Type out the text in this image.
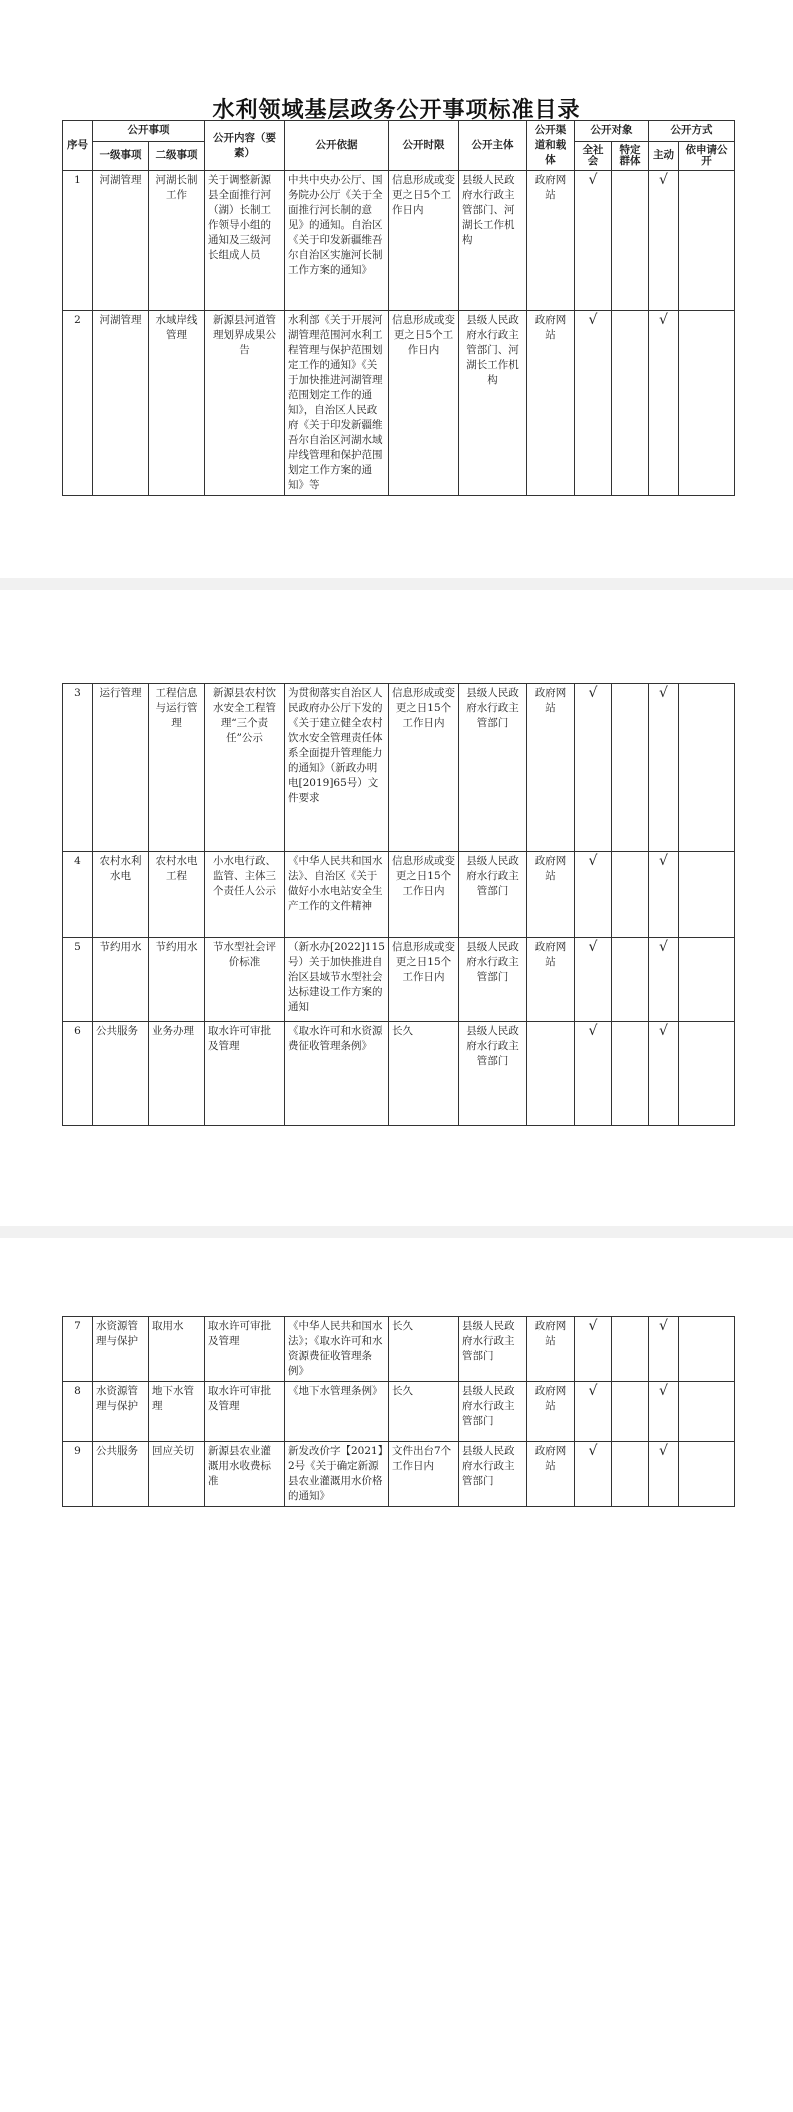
水利领域基层政务公开事项标准目录
序号	公开事项		公开内容（要素）	公开依据	公开时限	公开主体	公开渠道和载体	公开对象		公开方式	
	一级事项	二级事项						全社会	特定群体	主动	依申请公开
1	河湖管理	河湖长制工作	关于调整新源县全面推行河（湖）长制工作领导小组的通知及三级河长组成人员	中共中央办公厅、国务院办公厅《关于全面推行河长制的意见》的通知。自治区《关于印发新疆维吾尔自治区实施河长制工作方案的通知》	信息形成或变更之日5个工作日内	县级人民政府水行政主管部门、河湖长工作机构	政府网站	√		√	
2	河湖管理	水域岸线管理	新源县河道管理划界成果公告	水利部《关于开展河湖管理范围河水利工程管理与保护范围划定工作的通知》《关于加快推进河湖管理范围划定工作的通知》，自治区人民政府《关于印发新疆维吾尔自治区河湖水域岸线管理和保护范围划定工作方案的通知》等	信息形成或变更之日5个工作日内	县级人民政府水行政主管部门、河湖长工作机构	政府网站	√		√	
3	运行管理	工程信息与运行管理	新源县农村饮水安全工程管理“三个责任”公示	为贯彻落实自治区人民政府办公厅下发的《关于建立健全农村饮水安全管理责任体系全面提升管理能力的通知》（新政办明电[2019]65号）文件要求	信息形成或变更之日15个工作日内	县级人民政府水行政主管部门	政府网站	√		√	
4	农村水利水电	农村水电工程	小水电行政、监管、主体三个责任人公示	《中华人民共和国水法》、自治区《关于做好小水电站安全生产工作的文件精神	信息形成或变更之日15个工作日内	县级人民政府水行政主管部门	政府网站	√		√	
5	节约用水	节约用水	节水型社会评价标准	（新水办[2022]115号）关于加快推进自治区县域节水型社会达标建设工作方案的通知	信息形成或变更之日15个工作日内	县级人民政府水行政主管部门	政府网站	√		√	
6	公共服务	业务办理	取水许可审批及管理	《取水许可和水资源费征收管理条例》	长久	县级人民政府水行政主管部门		√		√	
7	水资源管理与保护	取用水	取水许可审批及管理	《中华人民共和国水法》；《取水许可和水资源费征收管理条例》	长久	县级人民政府水行政主管部门	政府网站	√		√	
8	水资源管理与保护	地下水管理	取水许可审批及管理	《地下水管理条例》	长久	县级人民政府水行政主管部门	政府网站	√		√	
9	公共服务	回应关切	新源县农业灌溉用水收费标准	新发改价字【2021】2号《关于确定新源县农业灌溉用水价格的通知》	文件出台7个工作日内	县级人民政府水行政主管部门	政府网站	√		√	
